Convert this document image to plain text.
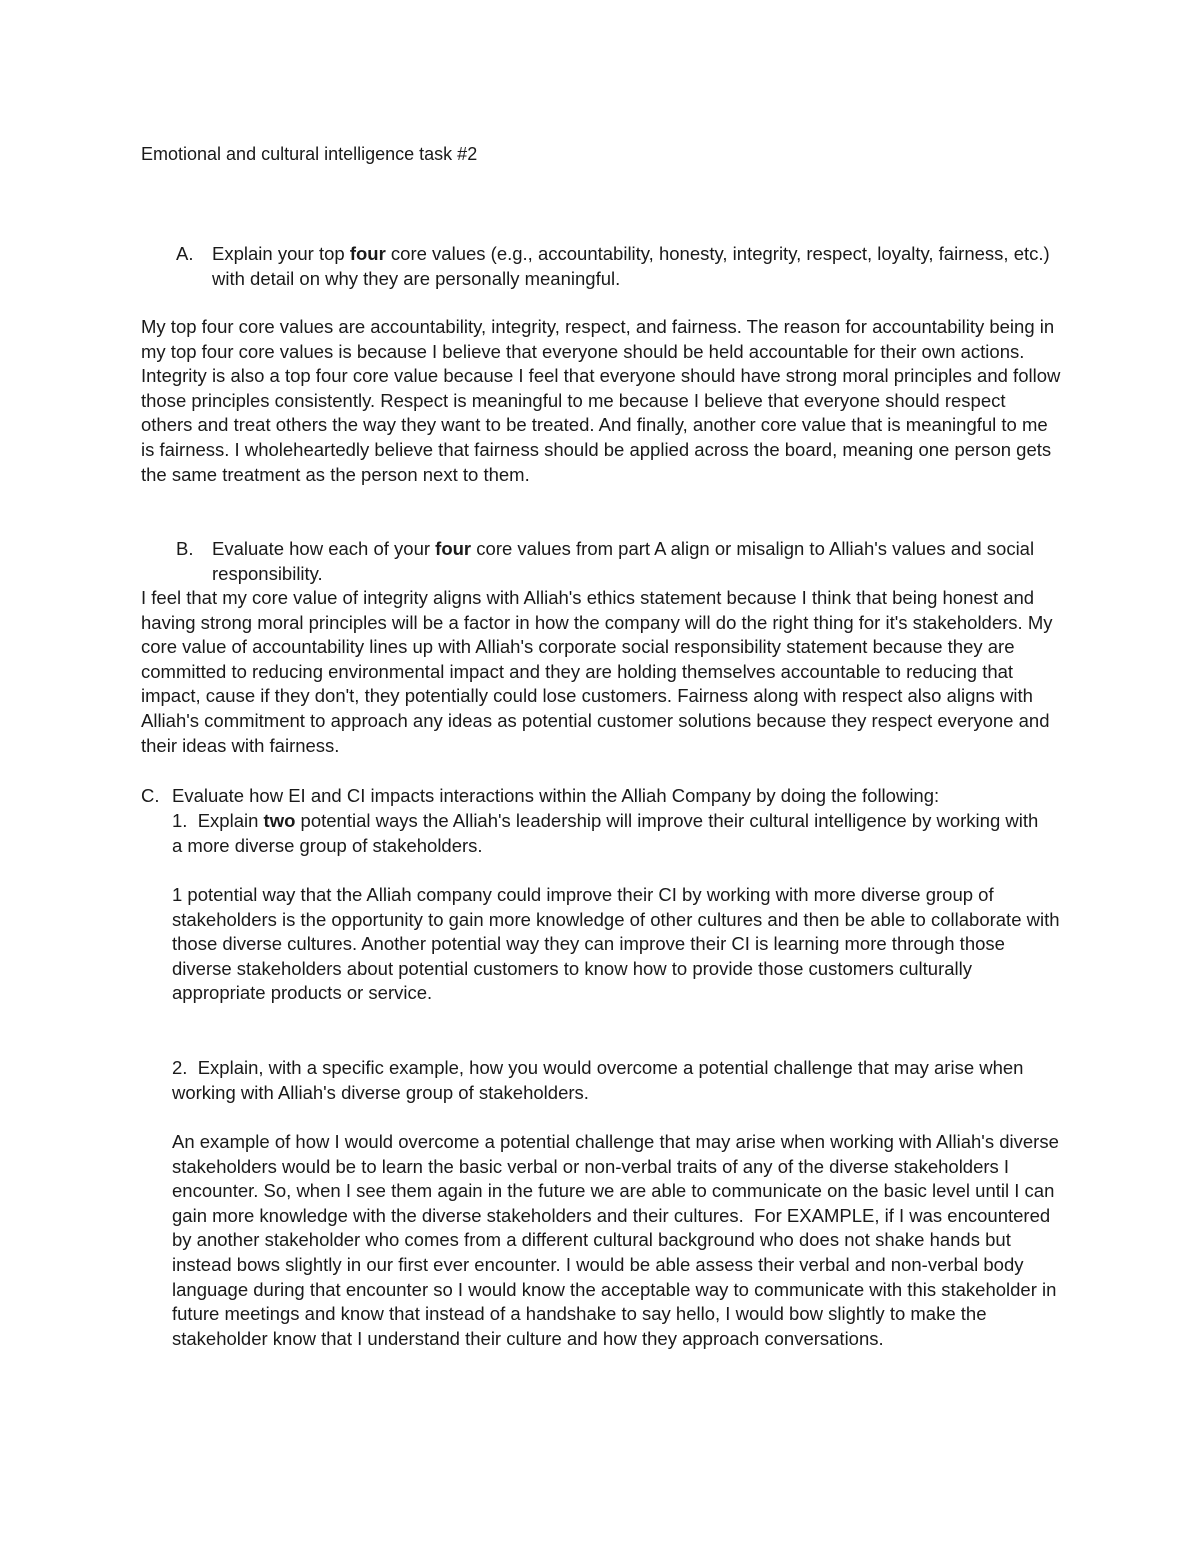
Emotional and cultural intelligence task #2

A.	Explain your top four core values (e.g., accountability, honesty, integrity, respect, loyalty, fairness, etc.) with detail on why they are personally meaningful.

My top four core values are accountability, integrity, respect, and fairness. The reason for accountability being in my top four core values is because I believe that everyone should be held accountable for their own actions. Integrity is also a top four core value because I feel that everyone should have strong moral principles and follow those principles consistently. Respect is meaningful to me because I believe that everyone should respect others and treat others the way they want to be treated. And finally, another core value that is meaningful to me is fairness. I wholeheartedly believe that fairness should be applied across the board, meaning one person gets the same treatment as the person next to them.

B.	Evaluate how each of your four core values from part A align or misalign to Alliah's values and social responsibility.

I feel that my core value of integrity aligns with Alliah's ethics statement because I think that being honest and having strong moral principles will be a factor in how the company will do the right thing for it's stakeholders. My core value of accountability lines up with Alliah's corporate social responsibility statement because they are committed to reducing environmental impact and they are holding themselves accountable to reducing that impact, cause if they don't, they potentially could lose customers. Fairness along with respect also aligns with Alliah's commitment to approach any ideas as potential customer solutions because they respect everyone and their ideas with fairness.

C. Evaluate how EI and CI impacts interactions within the Alliah Company by doing the following:

1.  Explain two potential ways the Alliah's leadership will improve their cultural intelligence by working with a more diverse group of stakeholders.

1 potential way that the Alliah company could improve their CI by working with more diverse group of stakeholders is the opportunity to gain more knowledge of other cultures and then be able to collaborate with those diverse cultures. Another potential way they can improve their CI is learning more through those diverse stakeholders about potential customers to know how to provide those customers culturally appropriate products or service.

2.  Explain, with a specific example, how you would overcome a potential challenge that may arise when working with Alliah's diverse group of stakeholders.

An example of how I would overcome a potential challenge that may arise when working with Alliah's diverse stakeholders would be to learn the basic verbal or non-verbal traits of any of the diverse stakeholders I encounter. So, when I see them again in the future we are able to communicate on the basic level until I can gain more knowledge with the diverse stakeholders and their cultures.  For EXAMPLE, if I was encountered by another stakeholder who comes from a different cultural background who does not shake hands but instead bows slightly in our first ever encounter. I would be able assess their verbal and non-verbal body language during that encounter so I would know the acceptable way to communicate with this stakeholder in future meetings and know that instead of a handshake to say hello, I would bow slightly to make the stakeholder know that I understand their culture and how they approach conversations.
